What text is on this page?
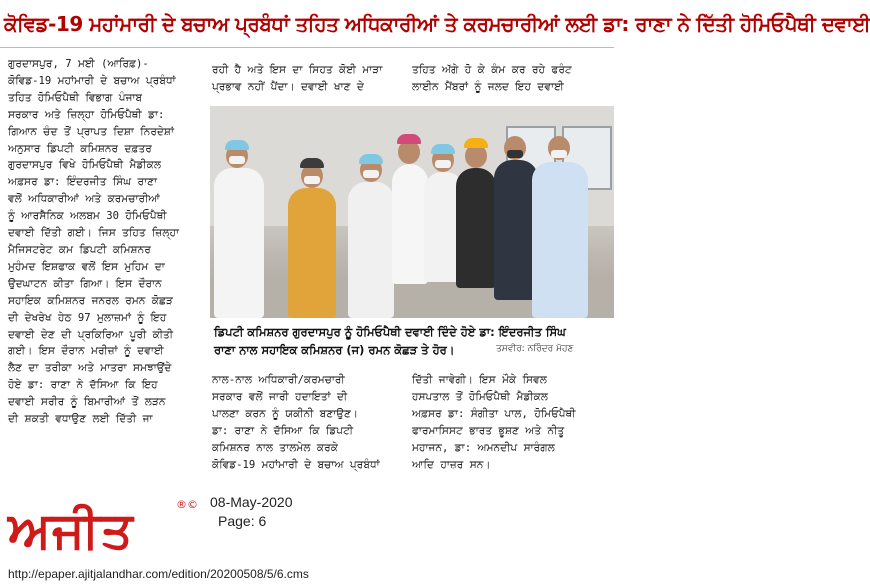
ਕੋਵਿਡ-19 ਮਹਾਂਮਾਰੀ ਦੇ ਬਚਾਅ ਪ੍ਰਬੰਧਾਂ ਤਹਿਤ ਅਧਿਕਾਰੀਆਂ ਤੇ ਕਰਮਚਾਰੀਆਂ ਲਈ ਡਾ: ਰਾਣਾ ਨੇ ਦਿੱਤੀ ਹੋਮਿਓਪੈਥੀ ਦਵਾਈ
ਗੁਰਦਾਸਪੁਰ, 7 ਮਈ (ਆਰਿਫ਼)-
ਕੋਵਿਡ-19 ਮਹਾਂਮਾਰੀ ਦੇ ਬਚਾਅ ਪ੍ਰਬੰਧਾਂ
ਤਹਿਤ ਹੋਮਿਓਪੈਥੀ ਵਿਭਾਗ ਪੰਜਾਬ
ਸਰਕਾਰ ਅਤੇ ਜ਼ਿਲ੍ਹਾ ਹੋਮਿਓਪੈਥੀ ਡਾ:
ਗਿਆਨ ਚੰਦ ਤੋਂ ਪ੍ਰਾਪਤ ਦਿਸ਼ਾ ਨਿਰਦੇਸ਼ਾਂ
ਅਨੁਸਾਰ ਡਿਪਟੀ ਕਮਿਸ਼ਨਰ ਦਫ਼ਤਰ
ਗੁਰਦਾਸਪੁਰ ਵਿਖੇ ਹੋਮਿਓਪੈਥੀ ਮੈਡੀਕਲ
ਅਫ਼ਸਰ ਡਾ: ਇੰਦਰਜੀਤ ਸਿੰਘ ਰਾਣਾ
ਵਲੋਂ ਅਧਿਕਾਰੀਆਂ ਅਤੇ ਕਰਮਚਾਰੀਆਂ
ਨੂੰ ਆਰਸੈਨਿਕ ਅਲਬਮ 30 ਹੋਮਿਓਪੈਥੀ
ਦਵਾਈ ਦਿੱਤੀ ਗਈ। ਜਿਸ ਤਹਿਤ ਜ਼ਿਲ੍ਹਾ
ਮੈਜਿਸਟਰੇਟ ਕਮ ਡਿਪਟੀ ਕਮਿਸ਼ਨਰ
ਮੁਹੰਮਦ ਇਸ਼ਫਾਕ ਵਲੋਂ ਇਸ ਮੁਹਿਮ ਦਾ
ਉਦਘਾਟਨ ਕੀਤਾ ਗਿਆ। ਇਸ ਦੌਰਾਨ
ਸਹਾਇਕ ਕਮਿਸ਼ਨਰ ਜਨਰਲ ਰਮਨ ਕੋਛੜ
ਦੀ ਦੇਖਰੇਖ ਹੇਠ 97 ਮੁਲਾਜ਼ਮਾਂ ਨੂੰ ਇਹ
ਦਵਾਈ ਦੇਣ ਦੀ ਪ੍ਰਕਿਰਿਆ ਪੂਰੀ ਕੀਤੀ
ਗਈ। ਇਸ ਦੌਰਾਨ ਮਰੀਜ਼ਾਂ ਨੂੰ ਦਵਾਈ
ਲੈਣ ਦਾ ਤਰੀਕਾ ਅਤੇ ਮਾਤਰਾ ਸਮਝਾਉਂਦੇ
ਹੋਏ ਡਾ: ਰਾਣਾ ਨੇ ਦੱਸਿਆ ਕਿ ਇਹ
ਦਵਾਈ ਸਰੀਰ ਨੂੰ ਬਿਮਾਰੀਆਂ ਤੋਂ ਲੜਨ
ਦੀ ਸ਼ਕਤੀ ਵਧਾਉਣ ਲਈ ਦਿੱਤੀ ਜਾ
ਰਹੀ ਹੈ ਅਤੇ ਇਸ ਦਾ ਸਿਹਤ ਕੋਈ ਮਾੜਾ
ਪ੍ਰਭਾਵ ਨਹੀਂ ਪੈਂਦਾ। ਦਵਾਈ ਖਾਣ ਦੇ
ਤਹਿਤ ਅੱਗੇ ਹੋ ਕੇ ਕੰਮ ਕਰ ਰਹੇ ਫਰੰਟ
ਲਾਈਨ ਮੈਂਬਰਾਂ ਨੂੰ ਜਲਦ ਇਹ ਦਵਾਈ
ਡਿਪਟੀ ਕਮਿਸ਼ਨਰ ਗੁਰਦਾਸਪੁਰ ਨੂੰ ਹੋਮਿਓਪੈਥੀ ਦਵਾਈ ਦਿੰਦੇ ਹੋਏ ਡਾ: ਇੰਦਰਜੀਤ ਸਿੰਘ
ਰਾਣਾ ਨਾਲ ਸਹਾਇਕ ਕਮਿਸ਼ਨਰ (ਜ) ਰਮਨ ਕੋਛੜ ਤੇ ਹੋਰ।	ਤਸਵੀਰ: ਨਰਿੰਦਰ ਮੋਹਣ
ਨਾਲ-ਨਾਲ ਅਧਿਕਾਰੀ/ਕਰਮਚਾਰੀ
ਸਰਕਾਰ ਵਲੋਂ ਜਾਰੀ ਹਦਾਇਤਾਂ ਦੀ
ਪਾਲਣਾ ਕਰਨ ਨੂੰ ਯਕੀਨੀ ਬਣਾਉਣ।
ਡਾ: ਰਾਣਾ ਨੇ ਦੱਸਿਆ ਕਿ ਡਿਪਟੀ
ਕਮਿਸ਼ਨਰ ਨਾਲ ਤਾਲਮੇਲ ਕਰਕੇ
ਕੋਵਿਡ-19 ਮਹਾਂਮਾਰੀ ਦੇ ਬਚਾਅ ਪ੍ਰਬੰਧਾਂ
ਦਿੱਤੀ ਜਾਵੇਗੀ। ਇਸ ਮੌਕੇ ਸਿਵਲ
ਹਸਪਤਾਲ ਤੋਂ ਹੋਮਿਓਪੈਥੀ ਮੈਡੀਕਲ
ਅਫ਼ਸਰ ਡਾ: ਸੰਗੀਤਾ ਪਾਲ, ਹੋਮਿਓਪੈਥੀ
ਫਾਰਮਾਸਿਸਟ ਭਾਰਤ ਭੂਸ਼ਣ ਅਤੇ ਨੀਤੂ
ਮਹਾਜਨ, ਡਾ: ਅਮਨਦੀਪ ਸਾਰੰਗਲ
ਆਦਿ ਹਾਜ਼ਰ ਸਨ।
08-May-2020
Page: 6
ਅਜੀਤ	®©
http://epaper.ajitjalandhar.com/edition/20200508/5/6.cms
